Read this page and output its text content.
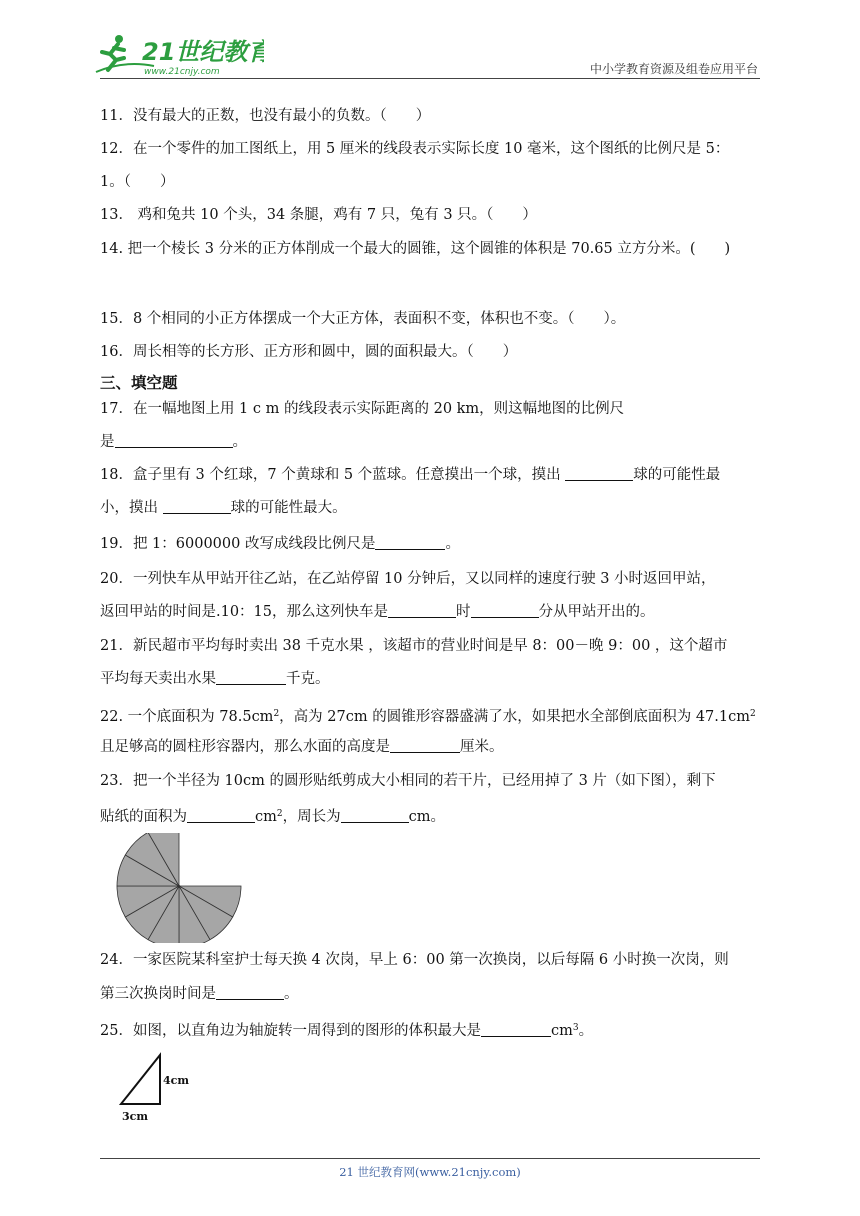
21世纪教育
www.21cnjy.com	中小学教育资源及组卷应用平台
11．没有最大的正数，也没有最小的负数。（　　）
12．在一个零件的加工图纸上，用 5 厘米的线段表示实际长度 10 毫米，这个图纸的比例尺是 5：
1。（　　）
13． 鸡和兔共 10 个头，34 条腿，鸡有 7 只，兔有 3 只。（　　）
14. 把一个棱长 3 分米的正方体削成一个最大的圆锥，这个圆锥的体积是 70.65 立方分米。(　　)
15．8 个相同的小正方体摆成一个大正方体，表面积不变，体积也不变。（　　）。
16．周长相等的长方形、正方形和圆中，圆的面积最大。（　　）
三、填空题
17．在一幅地图上用 1 c m 的线段表示实际距离的 20 km，则这幅地图的比例尺
是	。
18．盒子里有 3 个红球，7 个黄球和 5 个蓝球。任意摸出一个球，摸出	球的可能性最
小，摸出	球的可能性最大。
19．把 1：6000000 改写成线段比例尺是	。
20．一列快车从甲站开往乙站，在乙站停留 10 分钟后，又以同样的速度行驶 3 小时返回甲站，
返回甲站的时间是.10：15，那么这列快车是	时	分从甲站开出的。
21．新民超市平均每时卖出 38 千克水果 ，该超市的营业时间是早 8：00－晚 9：00 ，这个超市
平均每天卖出水果	千克。
22. 一个底面积为 $78.5cm^2$，高为 27cm 的圆锥形容器盛满了水，如果把水全部倒底面积为 $47.1cm^2$
且足够高的圆柱形容器内，那么水面的高度是	厘米。
23．把一个半径为 10cm 的圆形贴纸剪成大小相同的若干片，已经用掉了 3 片（如下图），剩下
贴纸的面积为	$cm^2$，周长为	cm。
24．一家医院某科室护士每天换 4 次岗，早上 6：00 第一次换岗，以后每隔 6 小时换一次岗，则
第三次换岗时间是	。
25．如图，以直角边为轴旋转一周得到的图形的体积最大是	$cm^3$。
4cm
3cm
21 世纪教育网(www.21cnjy.com)
